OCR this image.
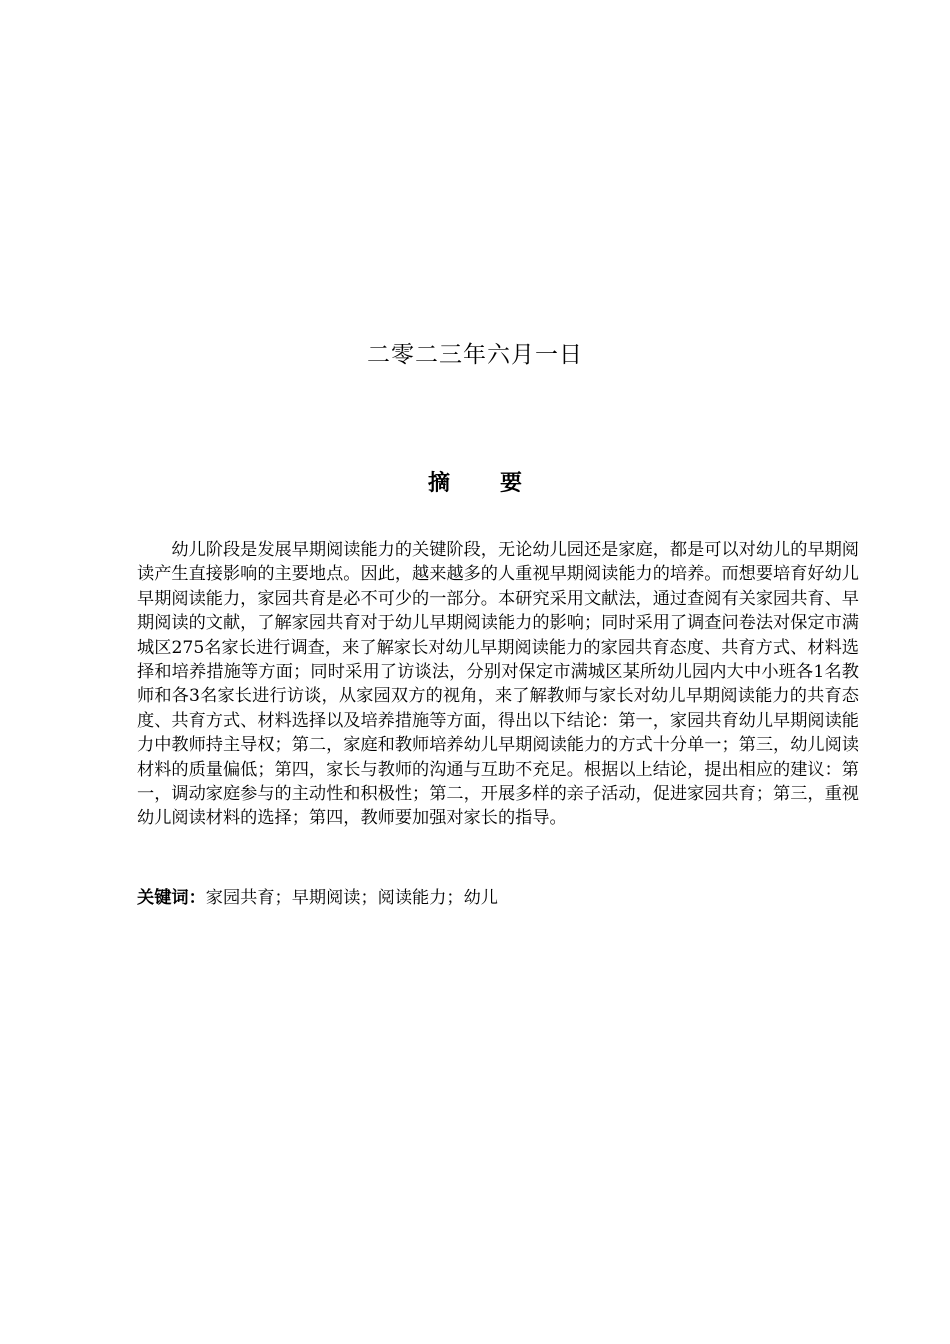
二零二三年六月一日
摘要

幼儿阶段是发展早期阅读能力的关键阶段，无论幼儿园还是家庭，都是可以对幼儿的早期阅读产生直接影响的主要地点。因此，越来越多的人重视早期阅读能力的培养。而想要培育好幼儿早期阅读能力，家园共育是必不可少的一部分。本研究采用文献法，通过查阅有关家园共育、早期阅读的文献，了解家园共育对于幼儿早期阅读能力的影响；同时采用了调查问卷法对保定市满城区275名家长进行调查，来了解家长对幼儿早期阅读能力的家园共育态度、共育方式、材料选择和培养措施等方面；同时采用了访谈法，分别对保定市满城区某所幼儿园内大中小班各1名教师和各3名家长进行访谈，从家园双方的视角，来了解教师与家长对幼儿早期阅读能力的共育态度、共育方式、材料选择以及培养措施等方面，得出以下结论：第一，家园共育幼儿早期阅读能力中教师持主导权；第二，家庭和教师培养幼儿早期阅读能力的方式十分单一；第三，幼儿阅读材料的质量偏低；第四，家长与教师的沟通与互助不充足。根据以上结论，提出相应的建议：第一，调动家庭参与的主动性和积极性；第二，开展多样的亲子活动，促进家园共育；第三，重视幼儿阅读材料的选择；第四，教师要加强对家长的指导。

关键词：家园共育；早期阅读；阅读能力；幼儿
